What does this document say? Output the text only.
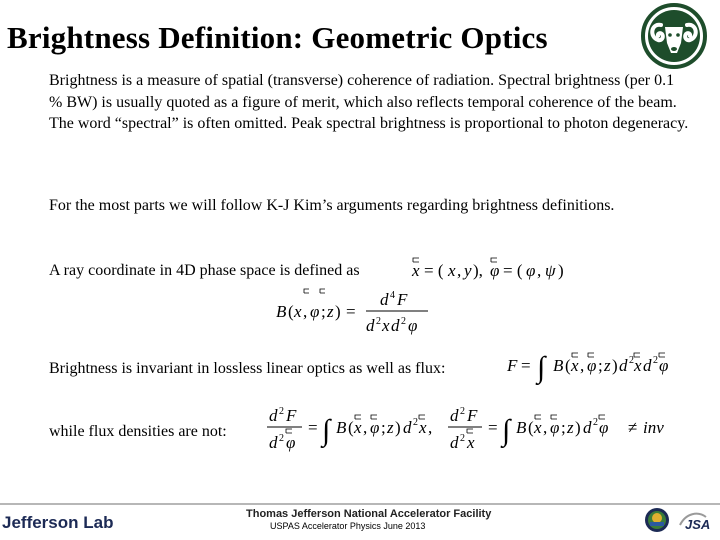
Brightness Definition: Geometric Optics
Brightness is a measure of spatial (transverse) coherence of radiation. Spectral brightness (per 0.1 % BW) is usually quoted as a figure of merit, which also reflects temporal coherence of the beam. The word “spectral” is often omitted. Peak spectral brightness is proportional to photon degeneracy.
For the most parts we will follow K-J Kim’s arguments regarding brightness definitions.
A ray coordinate in 4D phase space is defined as	x = ( x , y ), φ = ( φ , ψ )
B ( x , φ ; z ) =
d 4 F
d 2 x d 2 φ
Brightness is invariant in lossless linear optics as well as flux:	F = ∫ B ( x , φ ; z ) d 2 x d 2 φ
while flux densities are not:
d 2 F
d 2 φ
= ∫ B ( x , φ ; z ) d 2 x ,
d 2 F
d 2 x
= ∫ B ( x , φ ; z ) d 2 φ ≠ inv
Jefferson Lab	Thomas Jefferson National Accelerator Facility
USPAS Accelerator Physics June 2013	JSA
